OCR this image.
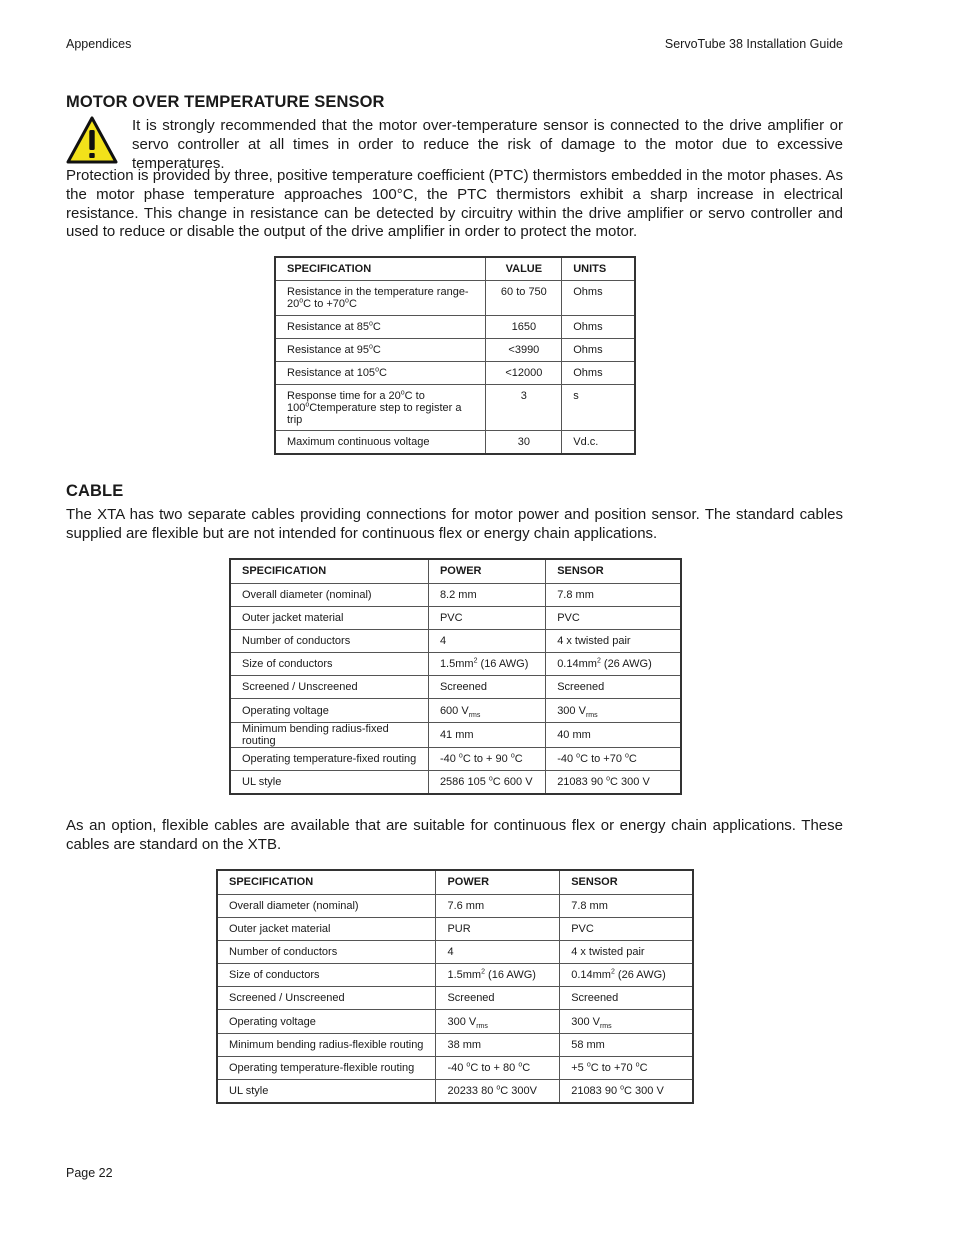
Appendices	ServoTube 38 Installation Guide
MOTOR OVER TEMPERATURE SENSOR

It is strongly recommended that the motor over-temperature sensor is connected to the drive amplifier or servo controller at all times in order to reduce the risk of damage to the motor due to excessive temperatures.

Protection is provided by three, positive temperature coefficient (PTC) thermistors embedded in the motor phases. As the motor phase temperature approaches 100°C, the PTC thermistors exhibit a sharp increase in electrical resistance. This change in resistance can be detected by circuitry within the drive amplifier or servo controller and used to reduce or disable the output of the drive amplifier in order to protect the motor.

SPECIFICATION	VALUE	UNITS
Resistance in the temperature range-20$^o$C to $+70^oC$	60 to 750	Ohms
Resistance at 85$^o$C	1650	Ohms
Resistance at $95^oC$	<3990	Ohms
Resistance at $105^oC$	<12000	Ohms
Response time for a 20$^o$C to 100$^o$Ctemperature step to register a trip	3	s
Maximum continuous voltage	30	Vd.c.
CABLE

The XTA has two separate cables providing connections for motor power and position sensor. The standard cables supplied are flexible but are not intended for continuous flex or energy chain applications.

SPECIFICATION	POWER	SENSOR
Overall diameter (nominal)	8.2 mm	7.8 mm
Outer jacket material	PVC	PVC
Number of conductors	4	4 x twisted pair
Size of conductors	$1.5mm^2$ (16 AWG)	$0.14mm^2$ (26 AWG)
Screened / Unscreened	Screened	Screened
Operating voltage	600 $V_{rms}$	300 $V_{rms}$
Minimum bending radius-fixed routing	41 mm	40 mm
Operating temperature-fixed routing	-40 $^o$C to + 90 $^o$C	-40 $^o$C to +70 $^o$C
UL style	2586 105 $^o$C 600 V	21083 90 $^o$C 300 V

As an option, flexible cables are available that are suitable for continuous flex or energy chain applications. These cables are standard on the XTB.

SPECIFICATION	POWER	SENSOR
Overall diameter (nominal)	7.6 mm	7.8 mm
Outer jacket material	PUR	PVC
Number of conductors	4	4 x twisted pair
Size of conductors	$1.5mm^2$ (16 AWG)	$0.14mm^2$ (26 AWG)
Screened / Unscreened	Screened	Screened
Operating voltage	300 $V_{rms}$	300 $V_{rms}$
Minimum bending radius-flexible routing	38 mm	58 mm
Operating temperature-flexible routing	-40 $^o$C to + 80 $^o$C	+5 $^o$C to +70 $^o$C
UL style	20233 80 $^o$C 300V	21083 90 $^o$C 300 V
Page 22
